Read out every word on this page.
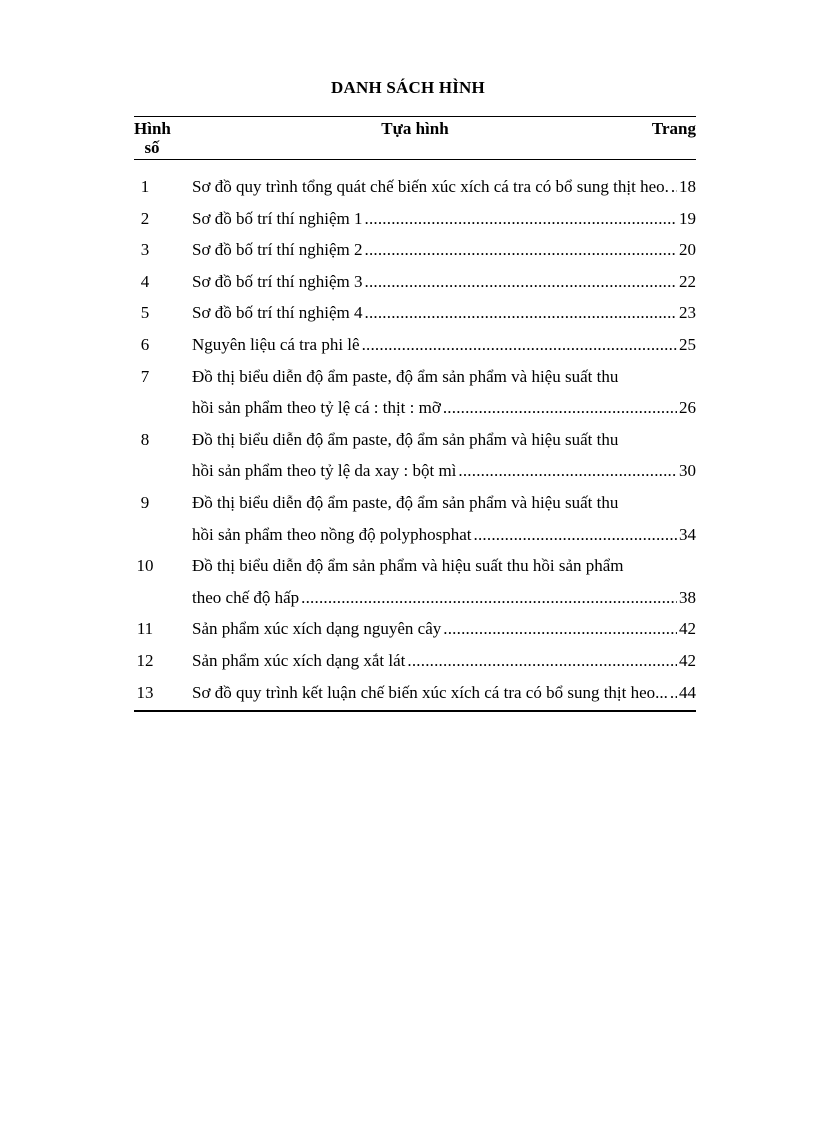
DANH SÁCH HÌNH
Hình
số
Tựa hình	Trang
1	Sơ đồ quy trình tổng quát chế biến xúc xích cá tra có bổ sung thịt heo. ..... 18
2	Sơ đồ bố trí thí nghiệm 1 .....	19
3	Sơ đồ bố trí thí nghiệm 2 .....	20
4	Sơ đồ bố trí thí nghiệm 3 .....	22
5	Sơ đồ bố trí thí nghiệm 4 .....	23
6	Nguyên liệu cá tra phi lê .....	25
7	Đồ thị biểu diễn độ ẩm paste, độ ẩm sản phẩm và hiệu suất thu
hồi sản phẩm theo tỷ lệ cá : thịt : mỡ .....	26
8	Đồ thị biểu diễn độ ẩm paste, độ ẩm sản phẩm và hiệu suất thu
hồi sản phẩm theo tỷ lệ da xay : bột mì .....	30
9	Đồ thị biểu diễn độ ẩm paste, độ ẩm sản phẩm và hiệu suất thu
hồi sản phẩm theo nồng độ polyphosphat .....	34
10 Đồ thị biểu diễn độ ẩm sản phẩm và hiệu suất thu hồi sản phẩm
theo chế độ hấp .....	38
11 Sản phẩm xúc xích dạng nguyên cây .....	42
12 Sản phẩm xúc xích dạng xắt lát .....	42
13 Sơ đồ quy trình kết luận chế biến xúc xích cá tra có bổ sung thịt heo... ..... 44
